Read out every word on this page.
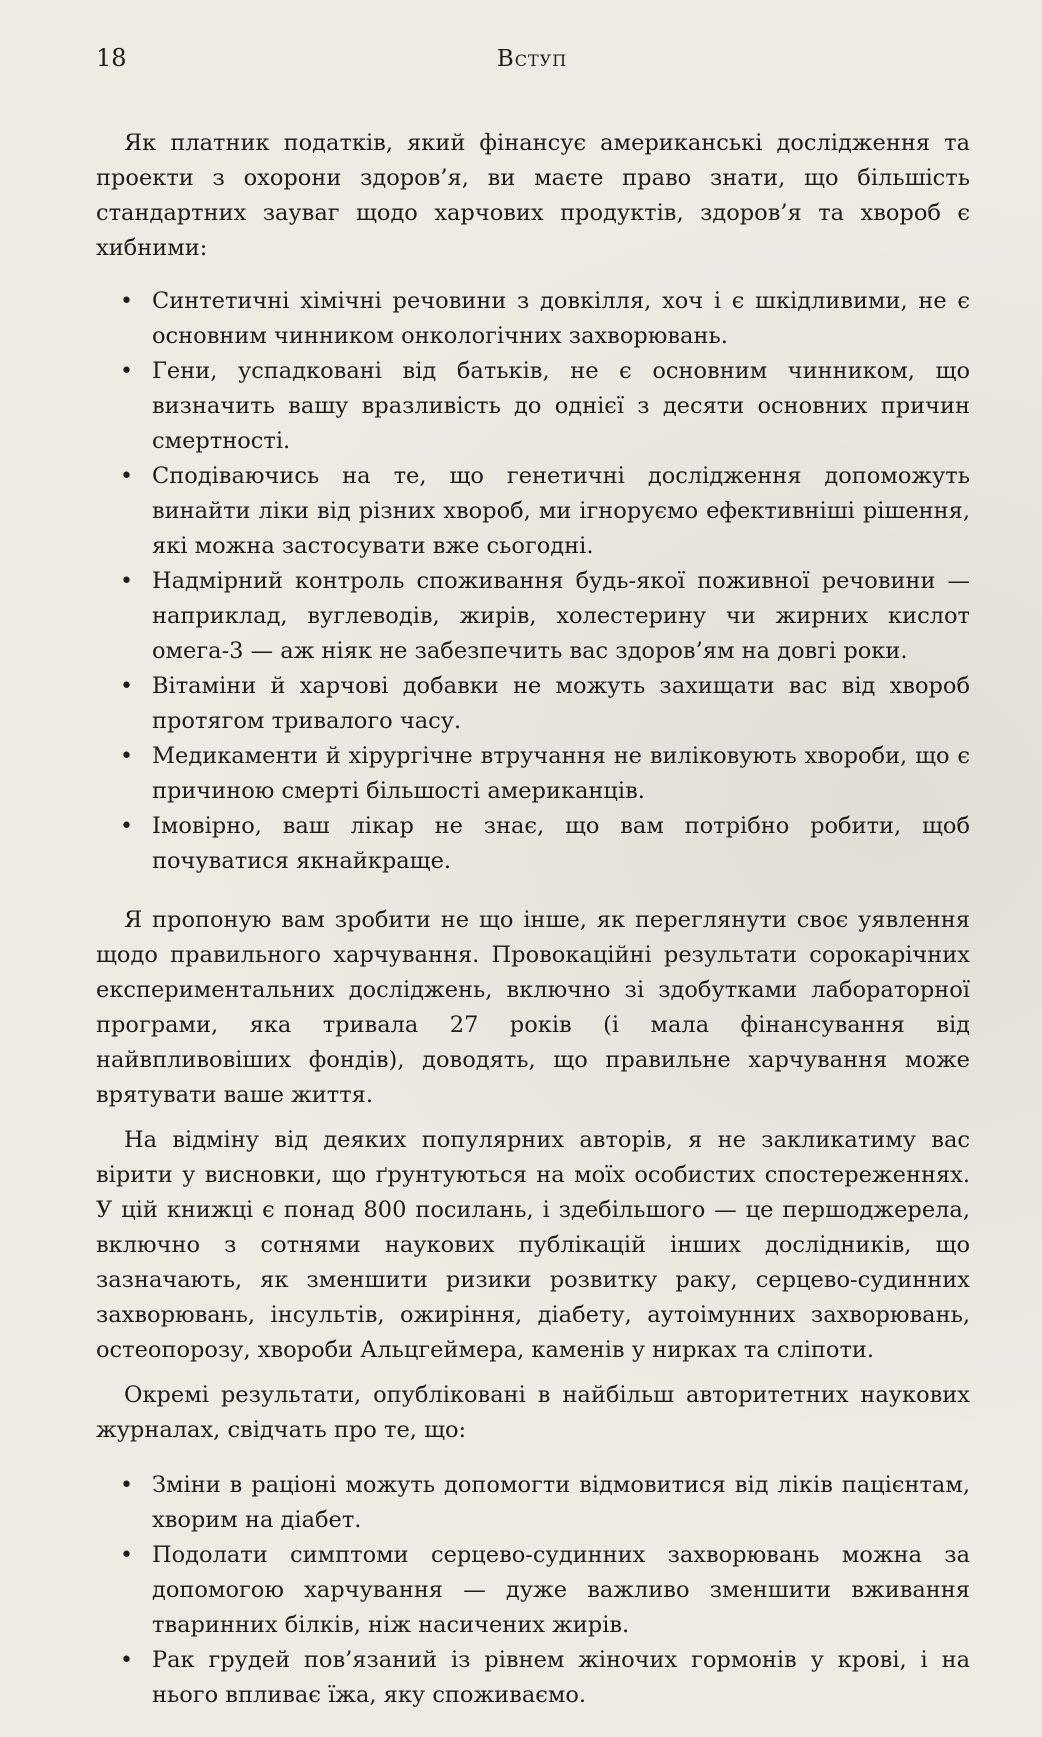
18	Вступ

Як платник податків, який фінансує американські дослідження та проекти з охорони здоров’я, ви маєте право знати, що більшість стандартних зауваг щодо харчових продуктів, здоров’я та хвороб є хибними:

• Синтетичні хімічні речовини з довкілля, хоч і є шкідливими, не є основним чинником онкологічних захворювань.
• Гени, успадковані від батьків, не є основним чинником, що визначить вашу вразливість до однієї з десяти основних причин смертності.
• Сподіваючись на те, що генетичні дослідження допоможуть винайти ліки від різних хвороб, ми ігноруємо ефективніші рішення, які можна застосувати вже сьогодні.
• Надмірний контроль споживання будь-якої поживної речовини — наприклад, вуглеводів, жирів, холестерину чи жирних кислот омега-3 — аж ніяк не забезпечить вас здоров’ям на довгі роки.
• Вітаміни й харчові добавки не можуть захищати вас від хвороб протягом тривалого часу.
• Медикаменти й хірургічне втручання не виліковують хвороби, що є причиною смерті більшості американців.
• Імовірно, ваш лікар не знає, що вам потрібно робити, щоб почуватися якнайкраще.

Я пропоную вам зробити не що інше, як переглянути своє уявлення щодо правильного харчування. Провокаційні результати сорокарічних експериментальних досліджень, включно зі здобутками лабораторної програми, яка тривала 27 років (і мала фінансування від найвпливовіших фондів), доводять, що правильне харчування може врятувати ваше життя.

На відміну від деяких популярних авторів, я не закликатиму вас вірити у висновки, що ґрунтуються на моїх особистих спостереженнях. У цій книжці є понад 800 посилань, і здебільшого — це першоджерела, включно з сотнями наукових публікацій інших дослідників, що зазначають, як зменшити ризики розвитку раку, серцево-судинних захворювань, інсультів, ожиріння, діабету, аутоімунних захворювань, остеопорозу, хвороби Альцгеймера, каменів у нирках та сліпоти.

Окремі результати, опубліковані в найбільш авторитетних наукових журналах, свідчать про те, що:

• Зміни в раціоні можуть допомогти відмовитися від ліків пацієнтам, хворим на діабет.
• Подолати симптоми серцево-судинних захворювань можна за допомогою харчування — дуже важливо зменшити вживання тваринних білків, ніж насичених жирів.
• Рак грудей пов’язаний із рівнем жіночих гормонів у крові, і на нього впливає їжа, яку споживаємо.
